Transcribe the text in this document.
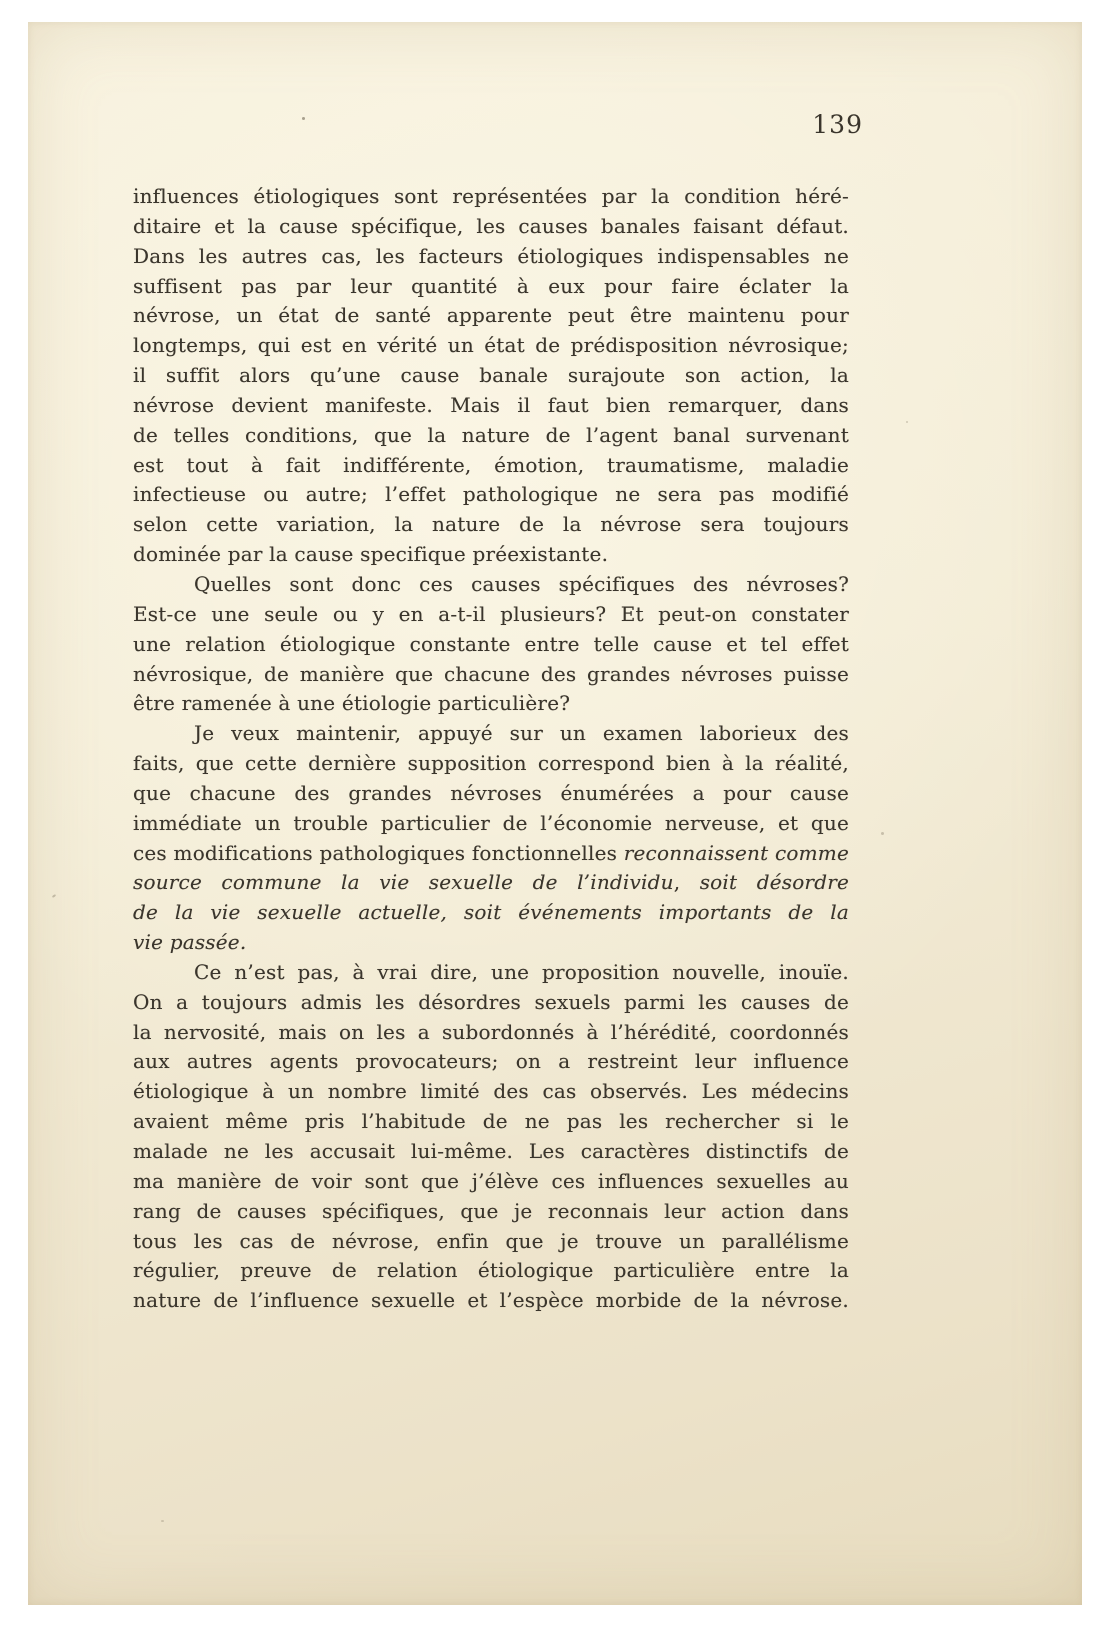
139
influences étiologiques sont représentées par la condition héré-
ditaire et la cause spécifique, les causes banales faisant défaut.
Dans les autres cas, les facteurs étiologiques indispensables ne
suffisent pas par leur quantité à eux pour faire éclater la
névrose, un état de santé apparente peut être maintenu pour
longtemps, qui est en vérité un état de prédisposition névrosique;
il suffit alors qu’une cause banale surajoute son action, la
névrose devient manifeste. Mais il faut bien remarquer, dans
de telles conditions, que la nature de l’agent banal survenant
est tout à fait indifférente, émotion, traumatisme, maladie
infectieuse ou autre; l’effet pathologique ne sera pas modifié
selon cette variation, la nature de la névrose sera toujours
dominée par la cause specifique préexistante.
Quelles sont donc ces causes spécifiques des névroses?
Est-ce une seule ou y en a-t-il plusieurs? Et peut-on constater
une relation étiologique constante entre telle cause et tel effet
névrosique, de manière que chacune des grandes névroses puisse
être ramenée à une étiologie particulière?
Je veux maintenir, appuyé sur un examen laborieux des
faits, que cette dernière supposition correspond bien à la réalité,
que chacune des grandes névroses énumérées a pour cause
immédiate un trouble particulier de l’économie nerveuse, et que
ces modifications pathologiques fonctionnelles reconnaissent comme
source commune la vie sexuelle de l’individu, soit désordre
de la vie sexuelle actuelle, soit événements importants de la
vie passée.
Ce n’est pas, à vrai dire, une proposition nouvelle, inouïe.
On a toujours admis les désordres sexuels parmi les causes de
la nervosité, mais on les a subordonnés à l’hérédité, coordonnés
aux autres agents provocateurs; on a restreint leur influence
étiologique à un nombre limité des cas observés. Les médecins
avaient même pris l’habitude de ne pas les rechercher si le
malade ne les accusait lui-même. Les caractères distinctifs de
ma manière de voir sont que j’élève ces influences sexuelles au
rang de causes spécifiques, que je reconnais leur action dans
tous les cas de névrose, enfin que je trouve un parallélisme
régulier, preuve de relation étiologique particulière entre la
nature de l’influence sexuelle et l’espèce morbide de la névrose.
